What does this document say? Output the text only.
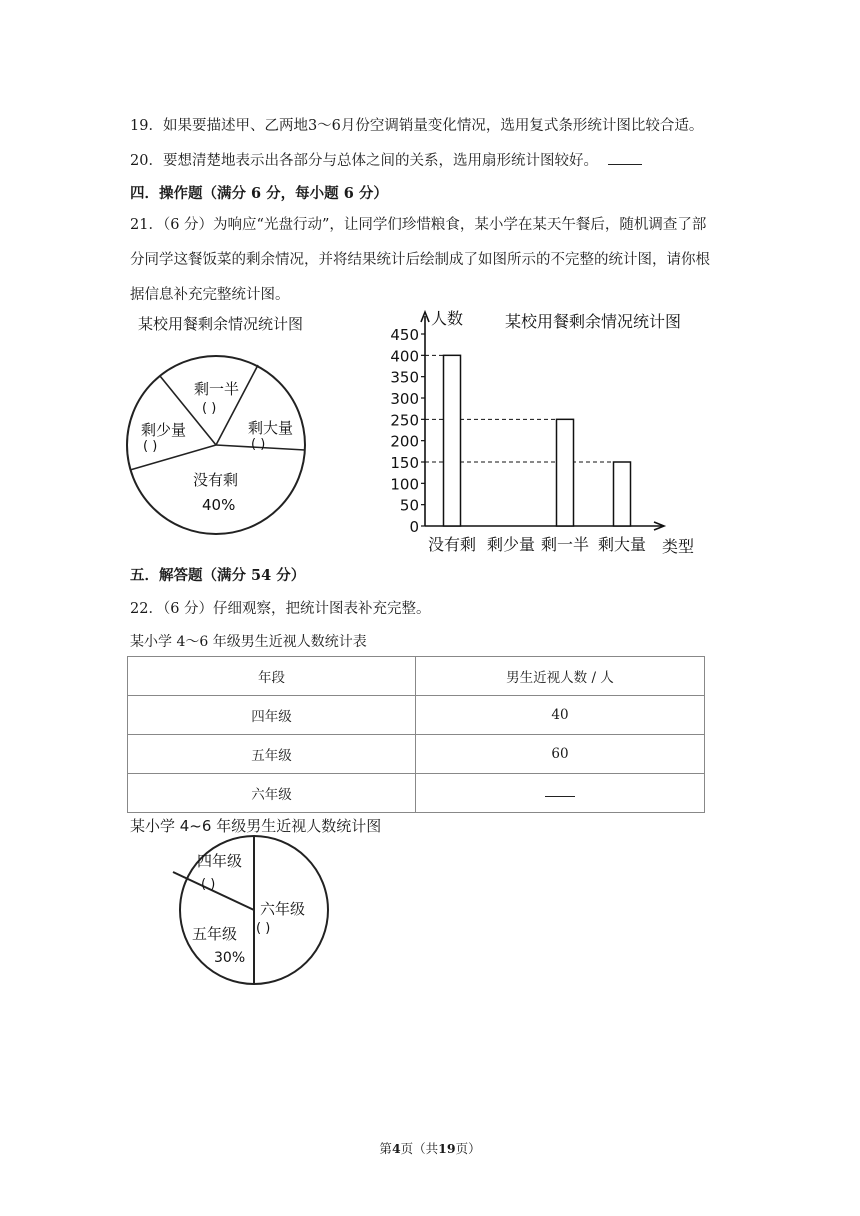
19．如果要描述甲、乙两地3～6月份空调销量变化情况，选用复式条形统计图比较合适。
20．要想清楚地表示出各部分与总体之间的关系，选用扇形统计图较好。
四．操作题（满分 6 分，每小题 6 分）
21．（6 分）为响应“光盘行动”，让同学们珍惜粮食，某小学在某天午餐后，随机调查了部
分同学这餐饭菜的剩余情况，并将结果统计后绘制成了如图所示的不完整的统计图，请你根
据信息补充完整统计图。
某校用餐剩余情况统计图
剩一半
( )
剩大量
( )
剩少量
( )
没有剩
40%
人数	某校用餐剩余情况统计图
类型
0
50
100
150
200
250
300
350
400
450
没有剩 剩少量 剩一半 剩大量
五．解答题（满分 54 分）
22．（6 分）仔细观察，把统计图表补充完整。
某小学 4～6 年级男生近视人数统计表
年段	男生近视人数 / 人
四年级	40
五年级	60
六年级	
某小学 4~6 年级男生近视人数统计图
四年级
( )
六年级
( )
五年级
30%
第4页（共19页）
